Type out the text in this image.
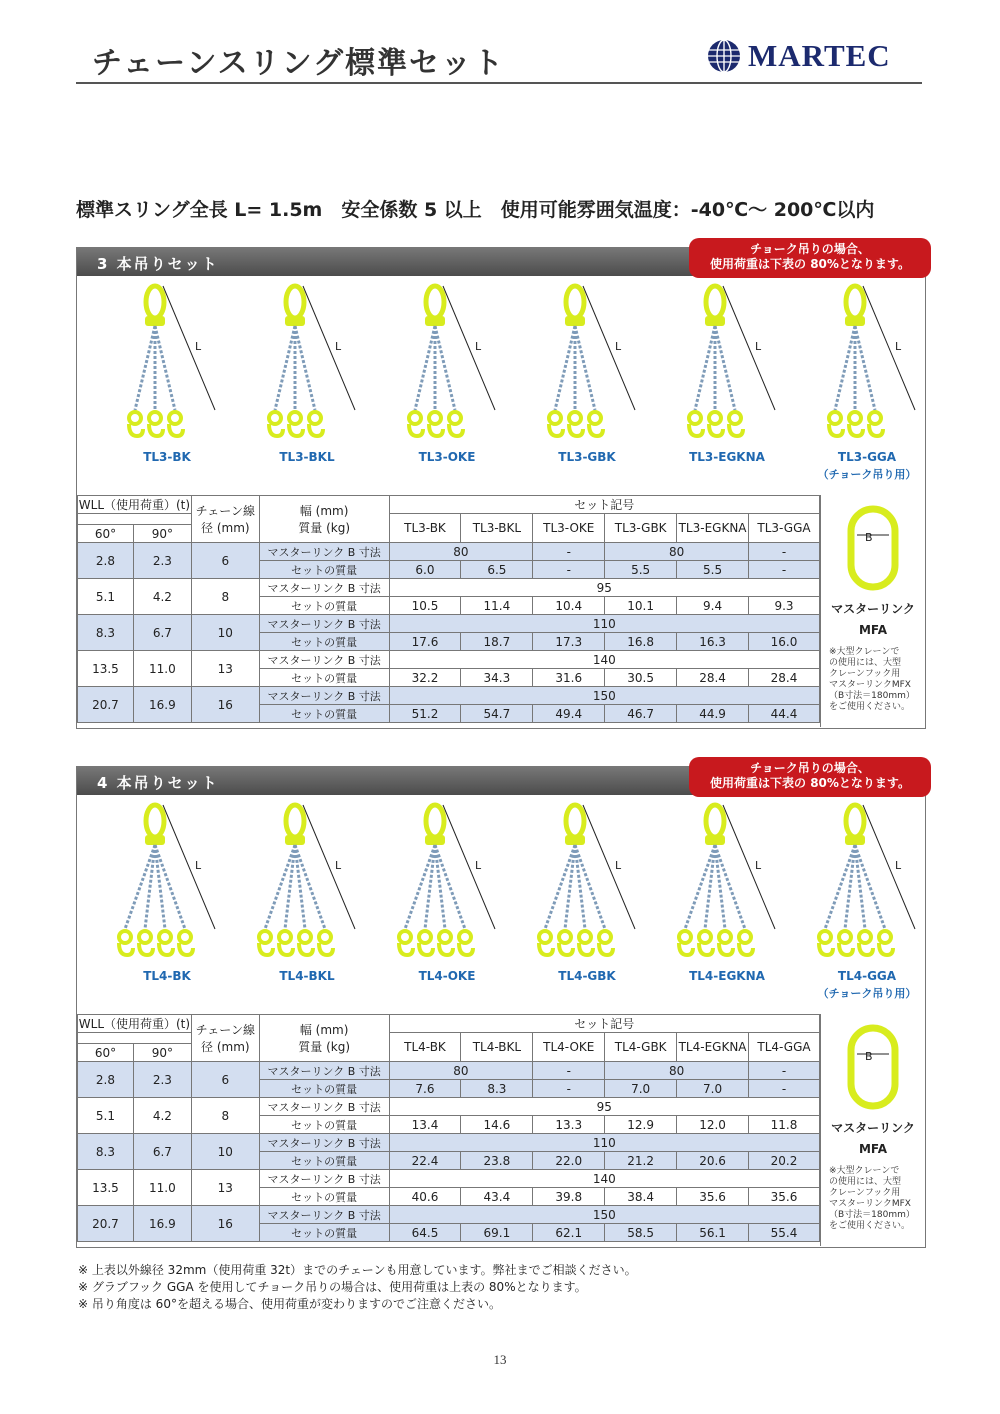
チェーンスリング標準セット	MARTEC
標準スリング全長 L= 1.5m　安全係数 5 以上　使用可能雰囲気温度：-40℃～ 200℃以内
3 本吊りセット
チョーク吊りの場合、
使用荷重は下表の 80%となります。
L
TL3-BK
L
TL3-BKL
L
TL3-OKE
L
TL3-GBK
L
TL3-EGKNA
L
TL3-GGA
（チョーク吊り用）
WLL（使用荷重）(t)		チェーン線径 (mm)	幅 (mm)
質量 (kg)	セット記号					
				TL3-BK	TL3-BKL	TL3-OKE	TL3-GBK	TL3-EGKNA	TL3-GGA
60°	90°								
2.8	2.3	6	マスターリンク B 寸法	80		-	80		-
			セットの質量	6.0	6.5	-	5.5	5.5	-
5.1	4.2	8	マスターリンク B 寸法	95					
			セットの質量	10.5	11.4	10.4	10.1	9.4	9.3
8.3	6.7	10	マスターリンク B 寸法	110					
			セットの質量	17.6	18.7	17.3	16.8	16.3	16.0
13.5	11.0	13	マスターリンク B 寸法	140					
			セットの質量	32.2	34.3	31.6	30.5	28.4	28.4
20.7	16.9	16	マスターリンク B 寸法	150					
			セットの質量	51.2	54.7	49.4	46.7	44.9	44.4
B
マスターリンク
MFA
※大型クレーンで
の使用には、大型
クレーンフック用
マスターリンクMFX
（B寸法＝180mm）
をご使用ください。
4 本吊りセット
チョーク吊りの場合、
使用荷重は下表の 80%となります。
L
TL4-BK
L
TL4-BKL
L
TL4-OKE
L
TL4-GBK
L
TL4-EGKNA
L
TL4-GGA
（チョーク吊り用）
WLL（使用荷重）(t)		チェーン線径 (mm)	幅 (mm)
質量 (kg)	セット記号					
				TL4-BK	TL4-BKL	TL4-OKE	TL4-GBK	TL4-EGKNA	TL4-GGA
60°	90°								
2.8	2.3	6	マスターリンク B 寸法	80		-	80		-
			セットの質量	7.6	8.3	-	7.0	7.0	-
5.1	4.2	8	マスターリンク B 寸法	95					
			セットの質量	13.4	14.6	13.3	12.9	12.0	11.8
8.3	6.7	10	マスターリンク B 寸法	110					
			セットの質量	22.4	23.8	22.0	21.2	20.6	20.2
13.5	11.0	13	マスターリンク B 寸法	140					
			セットの質量	40.6	43.4	39.8	38.4	35.6	35.6
20.7	16.9	16	マスターリンク B 寸法	150					
			セットの質量	64.5	69.1	62.1	58.5	56.1	55.4
B
マスターリンク
MFA
※大型クレーンで
の使用には、大型
クレーンフック用
マスターリンクMFX
（B寸法＝180mm）
をご使用ください。
※ 上表以外線径 32mm（使用荷重 32t）までのチェーンも用意しています。弊社までご相談ください。
※ グラブフック GGA を使用してチョーク吊りの場合は、使用荷重は上表の 80%となります。
※ 吊り角度は 60°を超える場合、使用荷重が変わりますのでご注意ください。
13
